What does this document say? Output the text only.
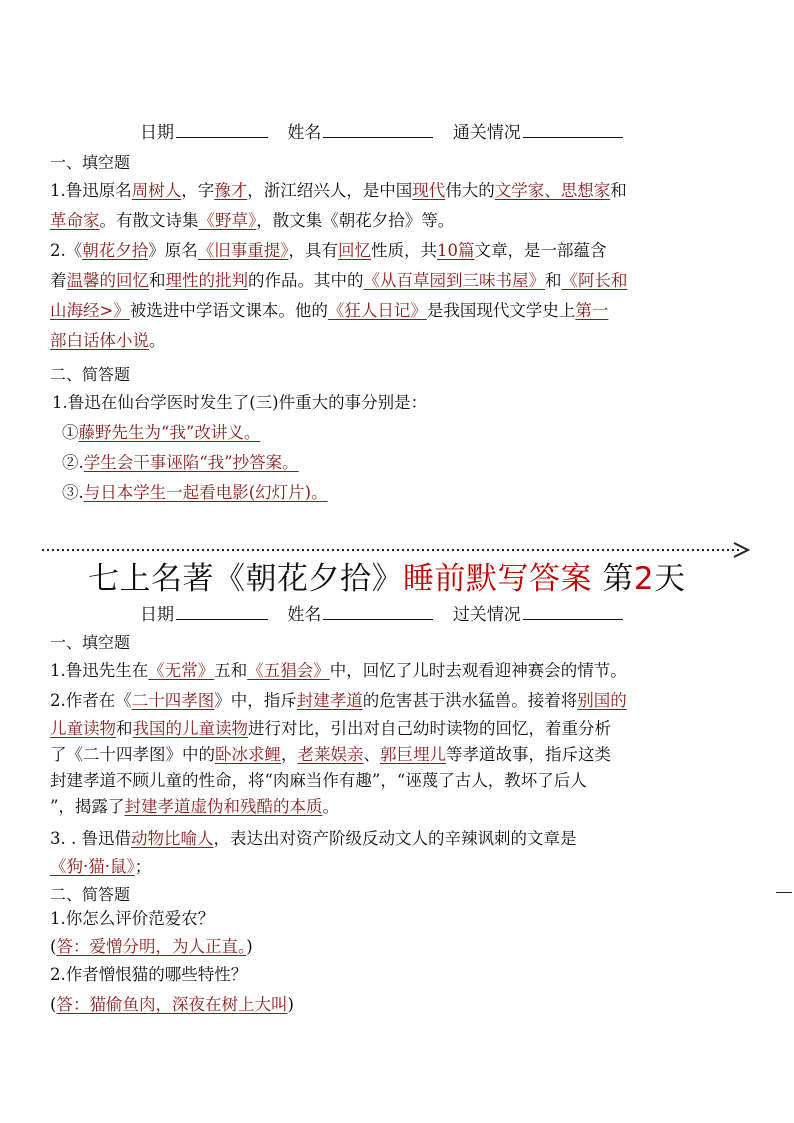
日期	姓名	通关情况
一、填空题
1.鲁迅原名周树人，字豫才，浙江绍兴人，是中国现代伟大的文学家、思想家和
革命家。有散文诗集《野草》，散文集《朝花夕拾》等。
2.《朝花夕拾》原名《旧事重提》，具有回忆性质，共10篇文章，是一部蕴含
着温馨的回忆和理性的批判的作品。其中的《从百草园到三味书屋》和《阿长和
山海经>》被选进中学语文课本。他的《狂人日记》是我国现代文学史上第一
部白话体小说。
二、简答题
1.鲁迅在仙台学医时发生了(三)件重大的事分别是：
①藤野先生为“我”改讲义。
②.学生会干事诬陷“我”抄答案。
③.与日本学生一起看电影(幻灯片)。
七上名著《朝花夕拾》睡前默写答案 第2天
日期	姓名	过关情况
一、填空题
1.鲁迅先生在《无常》五和《五猖会》中，回忆了儿时去观看迎神赛会的情节。
2.作者在《二十四孝图》中，指斥封建孝道的危害甚于洪水猛兽。接着将别国的
儿童读物和我国的儿童读物进行对比，引出对自己幼时读物的回忆，着重分析
了《二十四孝图》中的卧冰求鲤，老莱娱亲、郭巨埋儿等孝道故事，指斥这类
封建孝道不顾儿童的性命，将“肉麻当作有趣”，“诬蔑了古人，教坏了后人
”，揭露了封建孝道虚伪和残酷的本质。
3. . 鲁迅借动物比喻人，表达出对资产阶级反动文人的辛辣讽刺的文章是
《狗·猫·鼠》；
二、简答题
1.你怎么评价范爱农？
(答：爱憎分明，为人正直。)
2.作者憎恨猫的哪些特性？
(答：猫偷鱼肉，深夜在树上大叫)
